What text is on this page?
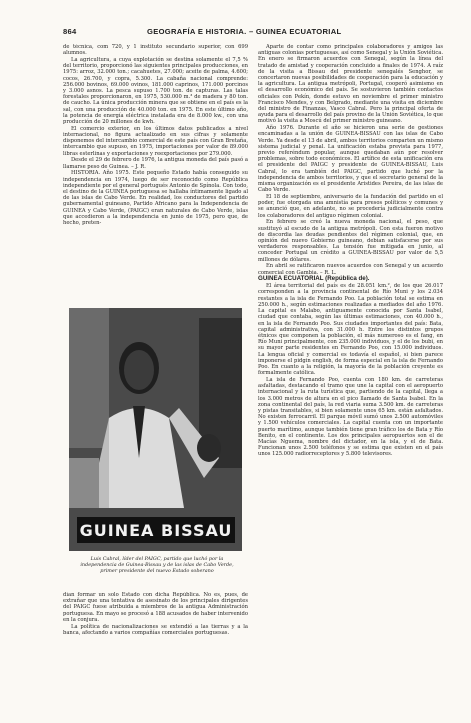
864	GEOGRAFÍA E HISTORIA. – GUINEA ECUATORIAL

de técnica, com 720, y 1 instituto secundario superior, con 699 alumnos.

La agricultura, a cuya explotación se destina solamente el 7,5 % del territorio, proporcionó las siguientes principales producciones, en 1975: arroz, 32.000 ton.; cacahuetes, 27.000; aceite de palma, 4.600; cocos, 26.700, y copra, 5.300. La cabaña nacional comprende: 256.000 bovinos, 69.000 ovinos, 181.000 caprinos, 171.000 porcinos y 3.000 asnos. La pesca supuso 1.700 ton. de capturas. Las talas forestales proporcionaron, en 1975, 530.000 m.³ de madera y 80 ton. de caucho. La única producción minera que se obtiene en el país es la sal, con una producción de 40.000 ton. en 1975. En este último año, la potencia de energía eléctrica instalada era de 8.000 kw., con una producción de 20 millones de kwh.

El comercio exterior, en los últimos datos publicados a nivel internacional, no figura actualizado en sus cifras y solamente disponemos del intercambio comercial de este país con Gran Bretaña, intercambio que supuso, en 1975, importaciones por valor de 89.000 libras esterlinas y exportaciones y reexportaciones por 279.000.

Desde el 29 de febrero de 1976, la antigua moneda del país pasó a llamarse peso de Guinea. – J. R.

HISTORIA. Año 1975. Este pequeño Estado había conseguido su independencia en 1974, luego de ser reconocido como República independiente por el general portugués Antonio de Spínola. Con todo, el destino de la GUINEA portuguesa se hallaba íntimamente ligado al de las islas de Cabo Verde. En realidad, los conductores del partido gubernamental guineano, Partido Africano para la Independencia de GUINEA y Cabo Verde, (PAIGC) eran naturales de Cabo Verde, islas que accedieron a la independencia en junio de 1975, pero que, de hecho, preten-

GUINEA BISSAU
Luis Cabral, líder del PAIGC, partido que luchó por la independencia de Guinea-Bissau y de las islas de Cabo Verde, primer presidente del nuevo Estado soberano

dían formar un solo Estado con dicha República. No es, pues, de extrañar que una tentativa de asesinato de los principales dirigentes del PAIGC fuese atribuida a miembros de la antigua Administración portuguesa. En mayo se procesó a 188 acusados de haber intervenido en la conjura.

La política de nacionalizaciones se extendió a las tierras y a la banca, afectando a varios compañías comerciales portuguesas.

Aparte de contar como principales colaboradores y amigos las antiguas colonias portuguesas, así como Senegal y la Unión Soviética. En enero se firmaron acuerdos con Senegal, según la línea del tratado de amistad y cooperación concluido a finales de 1974. A raíz de la visita a Bissau del presidente senegalés Senghor, se concertaron nuevas posibilidades de cooperación para la educación y la agricultura. La antigua metrópoli, Portugal, cooperó asimismo en el desarrollo económico del país. Se sostuvieron también contactos oficiales con Pekín, donde estuvo en noviembre el primer ministro Francisco Mendes, y con Belgrado, mediante una visita en diciembre del ministro de Finanzas, Vasco Cabral. Pero la principal oferta de ayuda para el desarrollo del país provino de la Unión Soviética, lo que motivó la visita a Moscú del primer ministro guineano.

Año 1976. Durante el año se hicieron una serie de gestiones encaminadas a la unión de GUINEA-BISSAU con las islas de Cabo Verde. Ya desde el 13 de abril, ambos territorios comparten un mismo sistema judicial y penal. La unificación estaba prevista para 1977, previo referéndum popular, aunque quedaban aún por resolver problemas, sobre todo económicos. El artífice de esta unificación era el presidente del PAIGC y presidente de GUINEA-BISSAU, Luis Cabral, lo era también del PAIGC, partido que luchó por la independencia de ambos territorios, y que el secretario general de la misma organización es el presidente Aristides Pereira, de las islas de Cabo Verde.

El 18 de septiembre, aniversario de la fundación del partido en el poder, fue otorgada una amnistía para presos políticos y comunes y se anunció que, en adelante, no se procedería judicialmente contra los colaboradores del antiguo régimen colonial.

En febrero se creó la nueva moneda nacional, el peso, que sustituyó al escudo de la antigua metrópoli. Con esta fueron motivo de discordia las deudas pendientes del régimen colonial, que, en opinión del nuevo Gobierno guineano, debían satisfacerse por sus verdaderos responsables. La tensión fue mitigada en junio, al conceder Portugal un crédito a GUINEA-BISSAU por valor de 5,5 millones de dólares.

En abril se ratificaron nuevos acuerdos con Senegal y un acuerdo comercial con Gambia. – R. L.

GUINEA ECUATORIAL (República de).

El área territorial del país es de 28.051 km.², de los que 26.017 corresponden a la provincia continental de Río Muni y los 2.034 restantes a la isla de Fernando Poo. La población total se estima en 250.000 h., según estimaciones realizadas a mediados del año 1976. La capital es Malabo, antiguamente conocida por Santa Isabel, ciudad que contaba, según las últimas estimaciones, con 40.000 h., en la isla de Fernando Poo. Sus ciudades importantes del país: Bata, capital administrativa, con 31.000 h. Entre los distintos grupos étnicos que componen la población, el más numeroso es el fang, en Río Muni principalmente, con 235.000 individuos, y el de los bubi, en su mayor parte residentes en Fernando Poo, con 15.000 individuos. La lengua oficial y comercial es todavía el español, si bien parece imponerse el pidgin english, de forma especial en la isla de Fernando Poo. En cuanto a la religión, la mayoría de la población creyente es formalmente católica.

La isla de Fernando Poo, cuenta con 180 km. de carreteras asfaltadas, destacando el tramo que une la capital con el aeropuerto internacional y la ruta turística que, partiendo de la capital, llega a los 3.000 metros de altura en el pico llamado de Santa Isabel. En la zona continental del país, la red viaria suma 3.500 km. de carreteras y pistas transitables, si bien solamente unos 65 km. están asfaltados. No existen ferrocarril. El parque móvil sumó unos 2.500 automóviles y 1.500 vehículos comerciales. La capital cuenta con un importante puerto marítimo, aunque también tiene gran tráfico los de Bata y Río Benito, en el continente. Los dos principales aeropuertos son el de Macías Nguema, nombre del dictador, en la isla, y el de Bata. Funcionan unos 2.500 teléfonos y se estima que existen en el país unos 125.000 radiorreceptores y 5.800 televisores.
